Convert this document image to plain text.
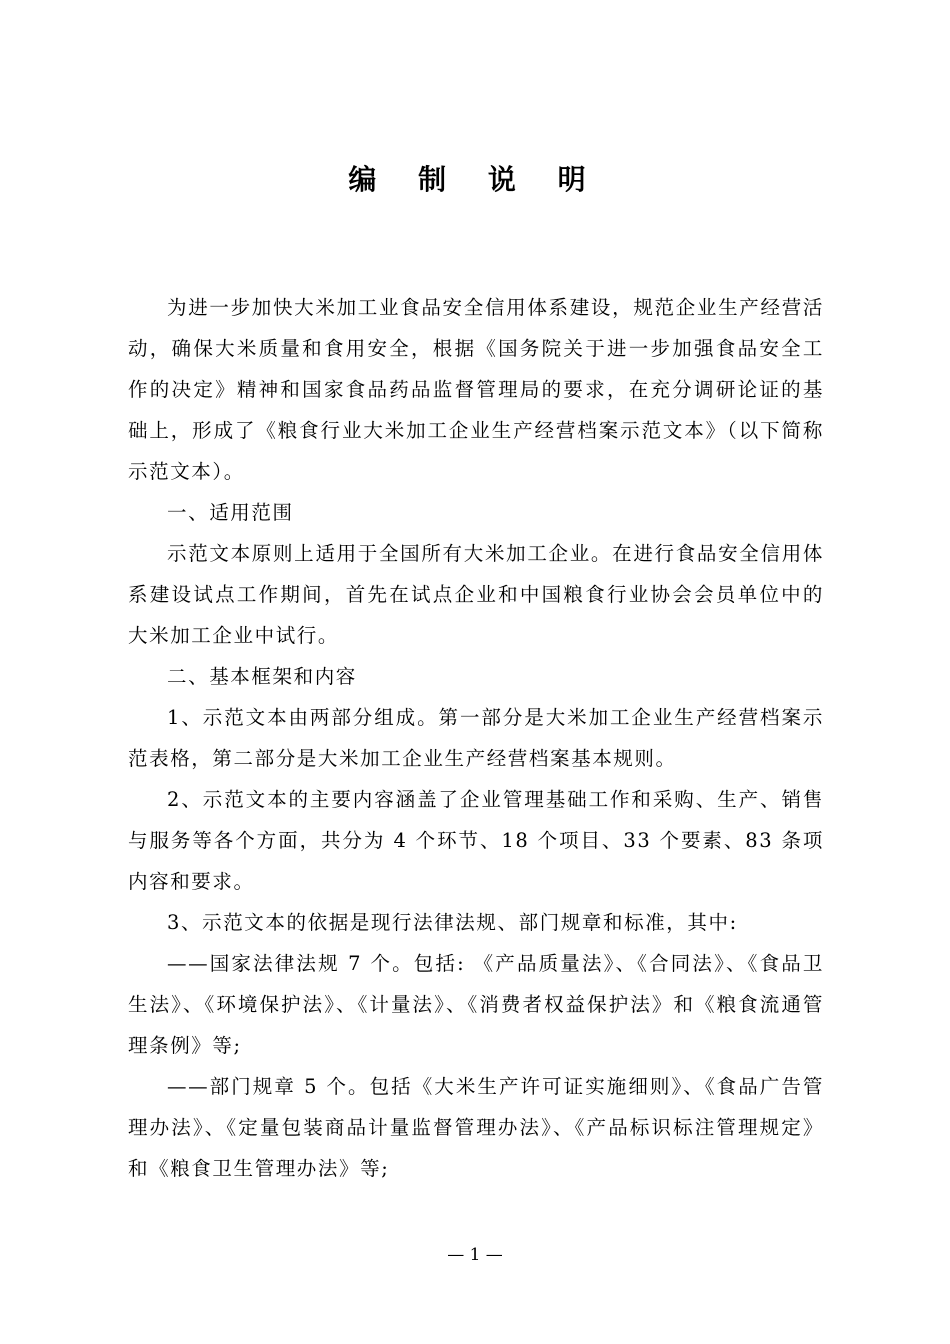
编 制 说 明

为进一步加快大米加工业食品安全信用体系建设，规范企业生产经营活动，确保大米质量和食用安全，根据《国务院关于进一步加强食品安全工作的决定》精神和国家食品药品监督管理局的要求，在充分调研论证的基础上，形成了《粮食行业大米加工企业生产经营档案示范文本》（以下简称示范文本）。

一、适用范围

示范文本原则上适用于全国所有大米加工企业。在进行食品安全信用体系建设试点工作期间，首先在试点企业和中国粮食行业协会会员单位中的大米加工企业中试行。

二、基本框架和内容

1、示范文本由两部分组成。第一部分是大米加工企业生产经营档案示范表格，第二部分是大米加工企业生产经营档案基本规则。

2、示范文本的主要内容涵盖了企业管理基础工作和采购、生产、销售与服务等各个方面，共分为 4 个环节、18 个项目、33 个要素、83 条项内容和要求。

3、示范文本的依据是现行法律法规、部门规章和标准，其中:

——国家法律法规 7 个。包括: 《产品质量法》、《合同法》、《食品卫生法》、《环境保护法》、《计量法》、《消费者权益保护法》和《粮食流通管理条例》等;

——部门规章 5 个。包括《大米生产许可证实施细则》、《食品广告管理办法》、《定量包装商品计量监督管理办法》、《产品标识标注管理规定》和《粮食卫生管理办法》等;

— 1 —
